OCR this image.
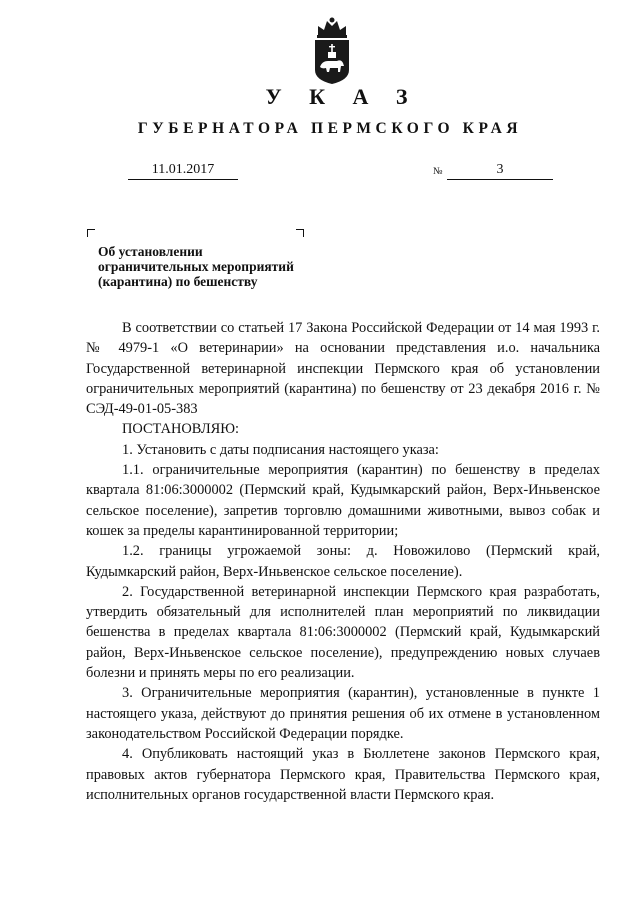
У К А З
ГУБЕРНАТОРА ПЕРМСКОГО КРАЯ
11.01.2017	№	3
Об установлении
ограничительных мероприятий
(карантина) по бешенству

В соответствии со статьей 17 Закона Российской Федерации от 14 мая 1993 г. № 4979-1 «О ветеринарии» на основании представления и.о. начальника Государственной ветеринарной инспекции Пермского края об установлении ограничительных мероприятий (карантина) по бешенству от 23 декабря 2016 г. № СЭД-49-01-05-383

ПОСТАНОВЛЯЮ:

1. Установить с даты подписания настоящего указа:

1.1. ограничительные мероприятия (карантин) по бешенству в пределах квартала 81:06:3000002 (Пермский край, Кудымкарский район, Верх-Иньвенское сельское поселение), запретив торговлю домашними животными, вывоз собак и кошек за пределы карантинированной территории;

1.2. границы угрожаемой зоны: д. Новожилово (Пермский край, Кудымкарский район, Верх-Иньвенское сельское поселение).

2. Государственной ветеринарной инспекции Пермского края разработать, утвердить обязательный для исполнителей план мероприятий по ликвидации бешенства в пределах квартала 81:06:3000002 (Пермский край, Кудымкарский район, Верх-Иньвенское сельское поселение), предупреждению новых случаев болезни и принять меры по его реализации.

3. Ограничительные мероприятия (карантин), установленные в пункте 1 настоящего указа, действуют до принятия решения об их отмене в установленном законодательством Российской Федерации порядке.

4. Опубликовать настоящий указ в Бюллетене законов Пермского края, правовых актов губернатора Пермского края, Правительства Пермского края, исполнительных органов государственной власти Пермского края.
